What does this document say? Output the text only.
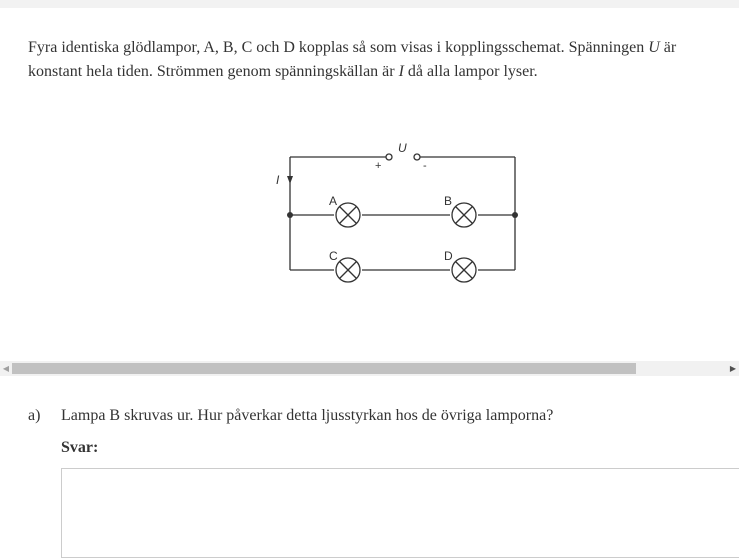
Fyra identiska glödlampor, A, B, C och D kopplas så som visas i kopplingsschemat. Spänningen U är
konstant hela tiden. Strömmen genom spänningskällan är I då alla lampor lyser.
U
+	-
I
A	B
C	D
◀	▶
a) Lampa B skruvas ur. Hur påverkar detta ljusstyrkan hos de övriga lamporna?
Svar:
